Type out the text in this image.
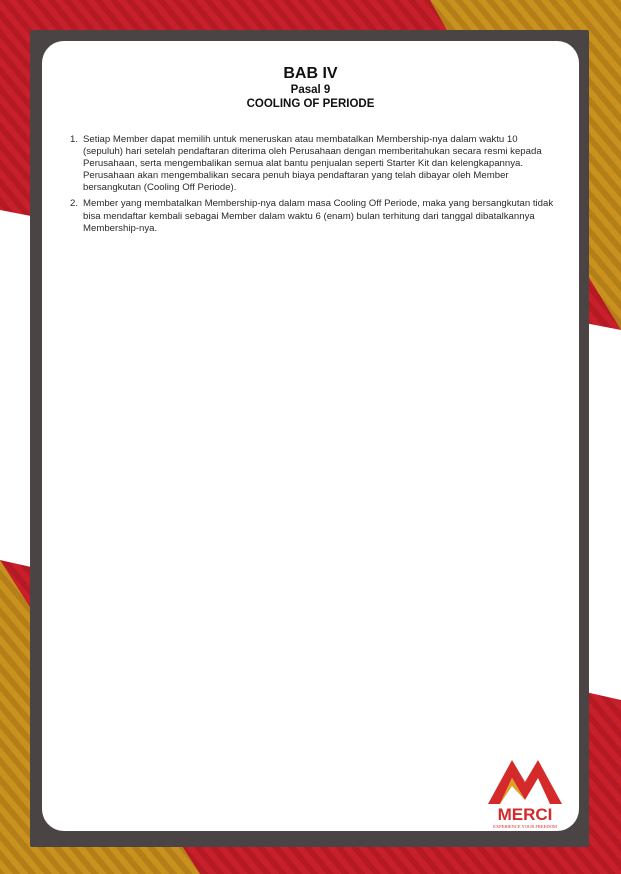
BAB IV
Pasal 9
COOLING OF PERIODE
1. Setiap Member dapat memilih untuk meneruskan atau membatalkan Membership-nya dalam waktu 10 (sepuluh) hari setelah pendaftaran diterima oleh Perusahaan dengan memberitahukan secara resmi kepada Perusahaan, serta mengembalikan semua alat bantu penjualan seperti Starter Kit dan kelengkapannya. Perusahaan akan mengembalikan secara penuh biaya pendaftaran yang telah dibayar oleh Member bersangkutan (Cooling Off Periode).
2. Member yang membatalkan Membership-nya dalam masa Cooling Off Periode, maka yang bersangkutan tidak bisa mendaftar kembali sebagai Member dalam waktu 6 (enam) bulan terhitung dari tanggal dibatalkannya Membership-nya.
MERCI
EXPERIENCE YOUR FREEDOM
